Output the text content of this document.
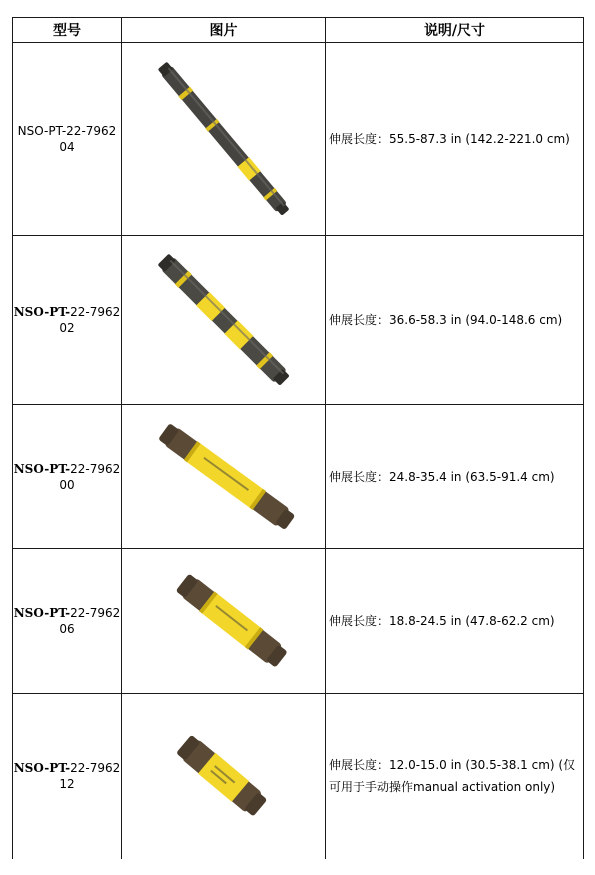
型号	图片	说明/尺寸

NSO-PT-22-7962
04		伸展长度：55.5-87.3 in (142.2-221.0 cm)

NSO-PT-22-7962
02		伸展长度：36.6-58.3 in (94.0-148.6 cm)

NSO-PT-22-7962
00		伸展长度：24.8-35.4 in (63.5-91.4 cm)

NSO-PT-22-7962
06		伸展长度：18.8-24.5 in (47.8-62.2 cm)

NSO-PT-22-7962
12		伸展长度：12.0-15.0 in (30.5-38.1 cm) (仅可用于手动操作manual activation only)
